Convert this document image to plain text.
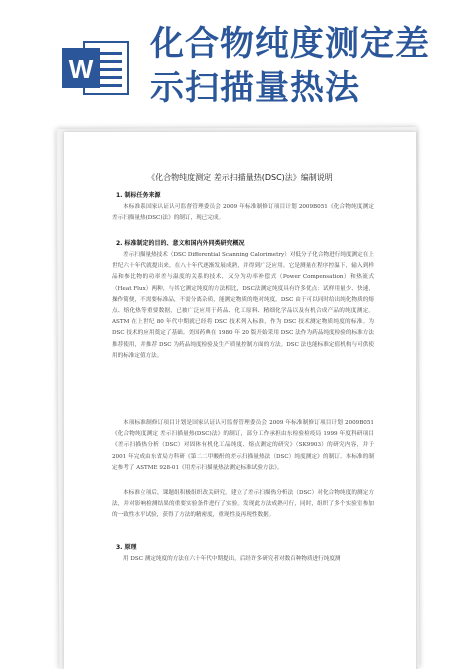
W
化合物纯度测定差
示扫描量热法
《化合物纯度测定 差示扫描量热(DSC)法》编制说明
1. 制标任务来源
本标准系国家认证认可监督管理委员会 2009 年标准制修订项目计划 2009B051《化合物纯度测定 差示扫描量热(DSC)法》的制订，现已完成。
2. 标准制定的目的、意义和国内外同类研究概况
差示扫描量热技术（DSC Differential Scanning Calorimetry）对低分子化合物进行纯度测定在上世纪六十年代就提出来，在八十年代逐渐发展成熟，并得到广泛应用。它是测量在程序控温下，输入到样品和参比物的功率差与温度的关系的技术，又分为功率补偿式（Power Compensation）和热流式（Heat Flux）两种，与其它测定纯度的方法相比，DSC法测定纯度具有许多优点：试样用量少、快速，操作简便，不需要标准品，不需分离杂质，能测定物质的绝对纯度。DSC 由于可以同时给出纯化物质的熔点、熔化热等重要数据，已被广泛应用于药品、化工原料、精细化学品以及有机合成产品的纯度测定。ASTM 在上世纪 80 年代中期就已经将 DSC 技术列入标准，作为 DSC 技术测定物质纯度的标准。为 DSC 技术的应用奠定了基础。美国药典在 1980 年 20 版开始采用 DSC 法作为药品纯度检验的标准方法推荐使用，并推荐 DSC 为药品纯度检验及生产质量控制方面的方法。DSC 法也能标准定值机构与可供使用的标准定值方法。
本项标准制修订项目计划是国家认证认可监督管理委员会 2009 年标准制修订项目计划 2009B051《化合物纯度测定 差示扫描量热(DSC)法》的制订，部分工作承担由东检验检疫局 1999 年度科研项目《差示扫描热分析（DSC）对固体有机化工品纯度、熔点测定的研究》（SK9903）的研究内容，并于 2001 年完成由东省局方科研《第二二甲酸酐的差示扫描量热法（DSC）纯度测定》的制订。本标准的制定参考了 ASTME 928-01《用差示扫描量热法测定标准试验方法》。
本标准立项后，课题组积极组织改关研究，建立了差示扫描热分析法（DSC）对化合物纯度的测定方法，并对影响检测结果的重要实验条件进行了实验。发现此方法成熟可行，同时，组织了多个实验室参加的一致性水平试验，获得了方法的精密度，重现性及再现性数据。
3. 原理
用 DSC 测定纯度的方法在六十年代中期提出，后经许多研究者对数百种物质进行纯度测
